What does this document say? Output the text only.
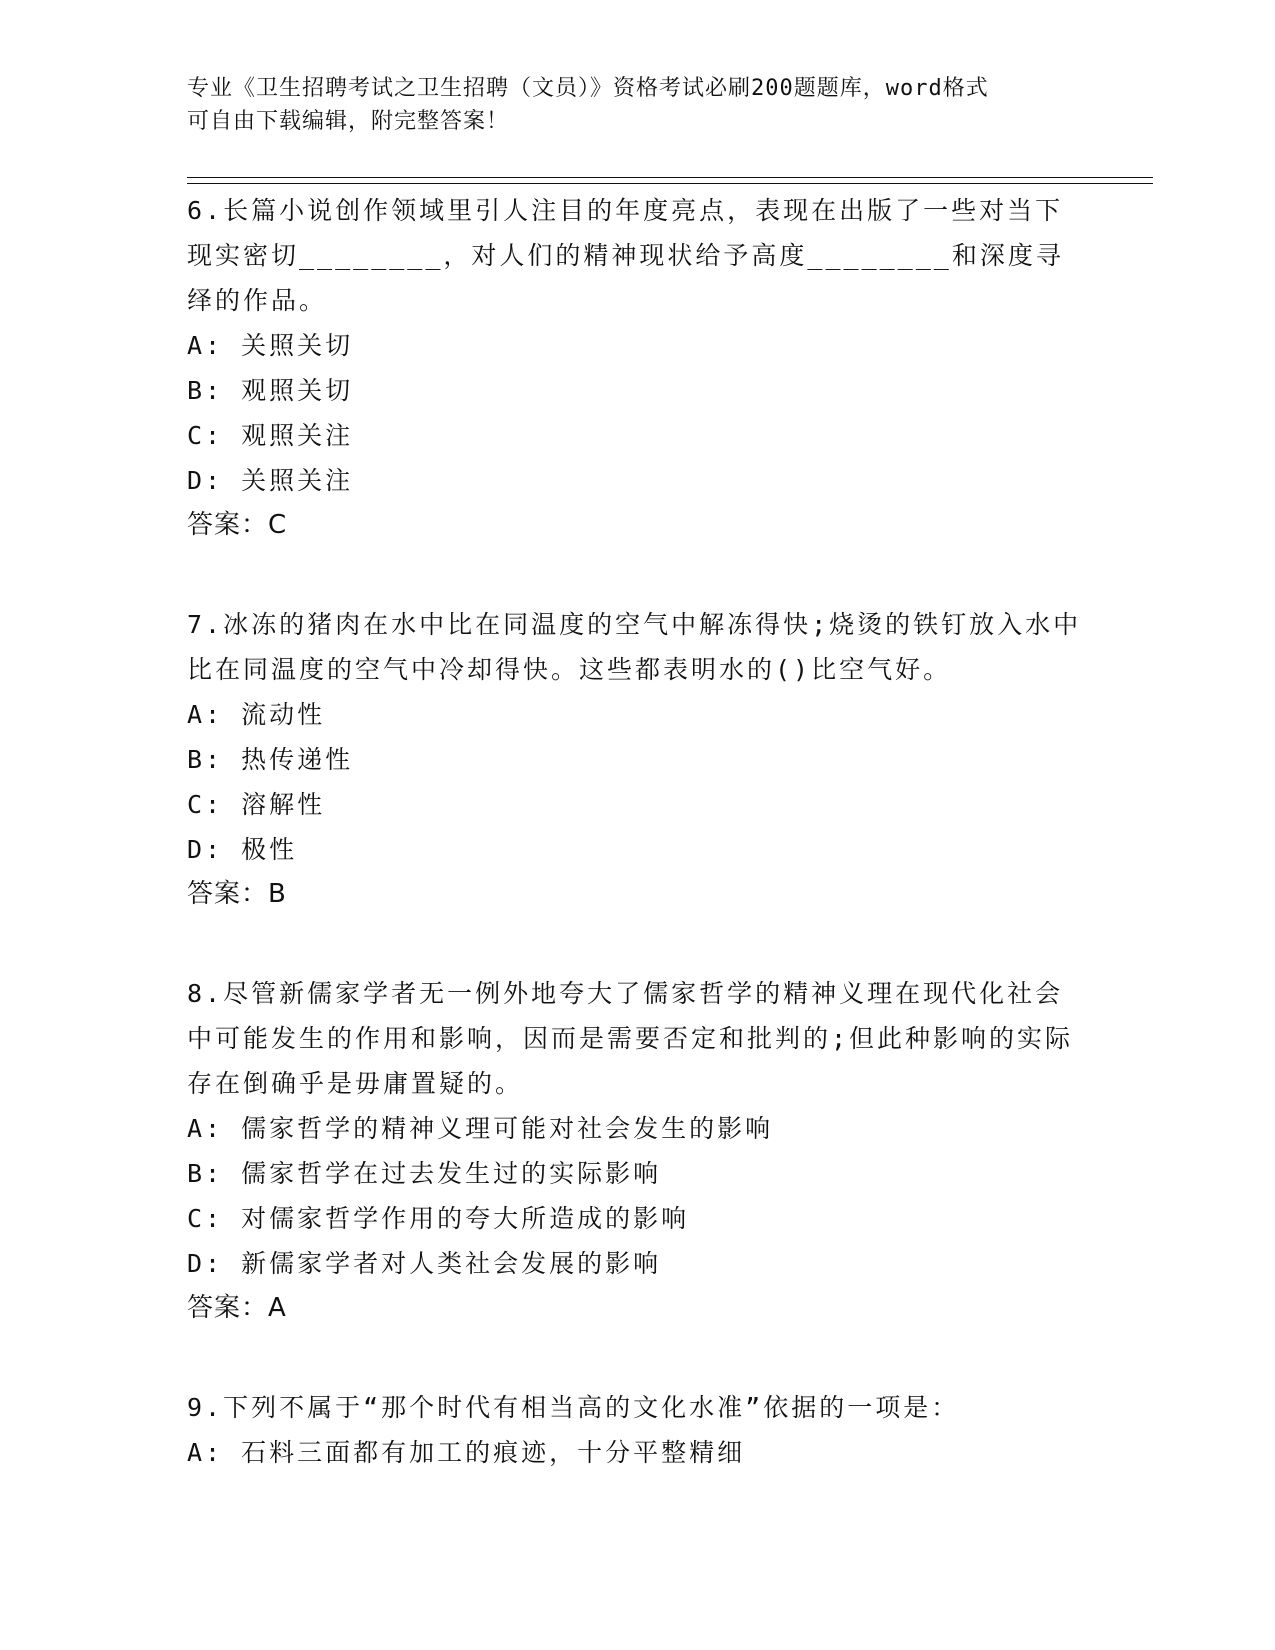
专业《卫生招聘考试之卫生招聘（文员）》资格考试必刷200题题库，word格式
可自由下载编辑，附完整答案！
6.长篇小说创作领域里引人注目的年度亮点，表现在出版了一些对当下现实密切________，对人们的精神现状给予高度________和深度寻绎的作品。
A: 关照关切
B: 观照关切
C: 观照关注
D: 关照关注
答案：C
7.冰冻的猪肉在水中比在同温度的空气中解冻得快;烧烫的铁钉放入水中比在同温度的空气中冷却得快。这些都表明水的()比空气好。
A: 流动性
B: 热传递性
C: 溶解性
D: 极性
答案：B
8.尽管新儒家学者无一例外地夸大了儒家哲学的精神义理在现代化社会中可能发生的作用和影响，因而是需要否定和批判的;但此种影响的实际存在倒确乎是毋庸置疑的。
A: 儒家哲学的精神义理可能对社会发生的影响
B: 儒家哲学在过去发生过的实际影响
C: 对儒家哲学作用的夸大所造成的影响
D: 新儒家学者对人类社会发展的影响
答案：A
9.下列不属于“那个时代有相当高的文化水准”依据的一项是：
A: 石料三面都有加工的痕迹，十分平整精细
